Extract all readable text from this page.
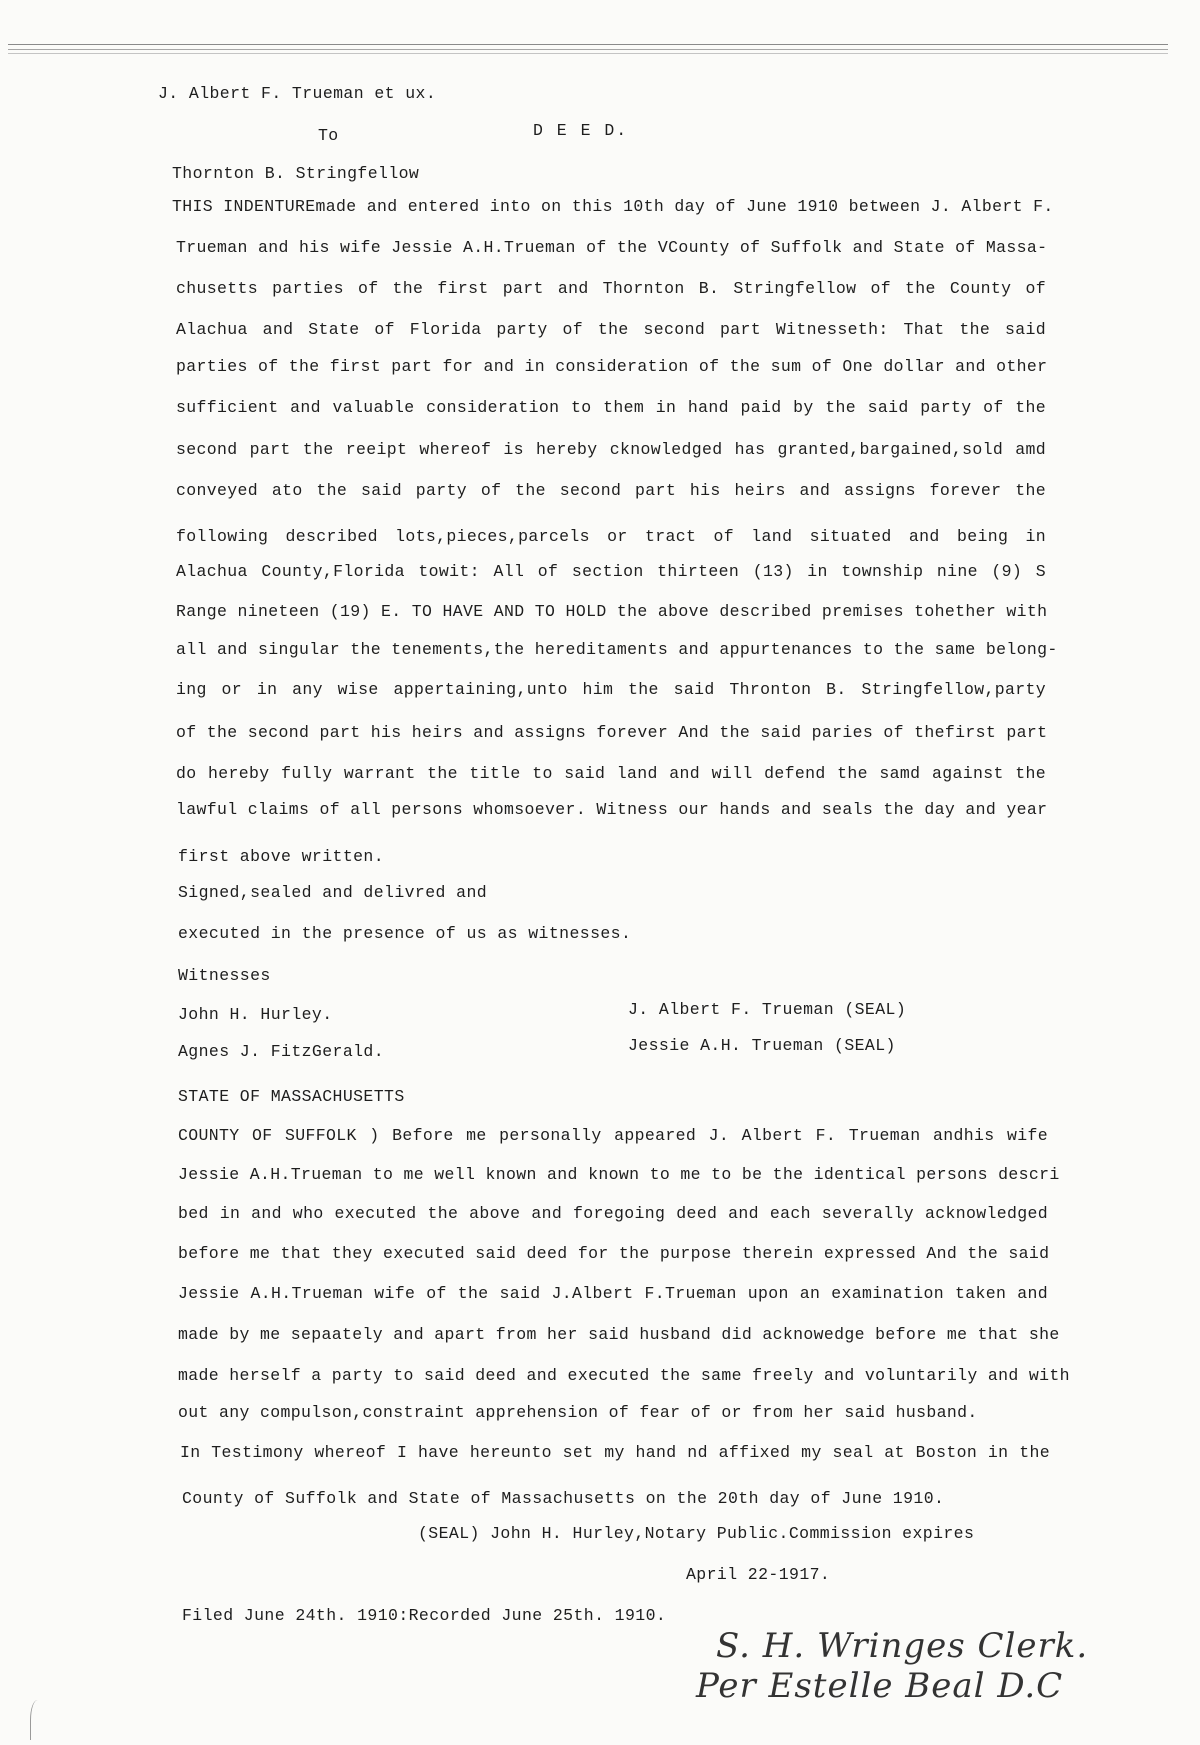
J. Albert F. Trueman et ux.
To	D E E D.
Thornton B. Stringfellow
THIS INDENTUREmade and entered into on this 10th day of June 1910 between J. Albert F.
Trueman and his wife Jessie A.H.Trueman of the VCounty of Suffolk and State of Massa-
chusetts parties of the first part and Thornton B. Stringfellow of the County of
Alachua and State of Florida party of the second part Witnesseth: That the said
parties of the first part for and in consideration of the sum of One dollar and other
sufficient and valuable consideration to them in hand paid by the said party of the
second part the reeipt whereof is hereby cknowledged has granted,bargained,sold amd
conveyed ato the said party of the second part his heirs and assigns forever the
following described lots,pieces,parcels or tract of land situated and being in
Alachua County,Florida towit: All of section thirteen (13) in township nine (9) S
Range nineteen (19) E. TO HAVE AND TO HOLD the above described premises tohether with
all and singular the tenements,the hereditaments and appurtenances to the same belong-
ing or in any wise appertaining,unto him the said Thronton B. Stringfellow,party
of the second part his heirs and assigns forever And the said paries of thefirst part
do hereby fully warrant the title to said land and will defend the samd against the
lawful claims of all persons whomsoever. Witness our hands and seals the day and year
first above written.
Signed,sealed and delivred and
executed in the presence of us as witnesses.
Witnesses
John H. Hurley.
Agnes J. FitzGerald.
J. Albert F. Trueman (SEAL)
Jessie A.H. Trueman (SEAL)
STATE OF MASSACHUSETTS
COUNTY OF SUFFOLK ) Before me personally appeared J. Albert F. Trueman andhis wife
Jessie A.H.Trueman to me well known and known to me to be the identical persons descri
bed in and who executed the above and foregoing deed and each severally acknowledged
before me that they executed said deed for the purpose therein expressed And the said
Jessie A.H.Trueman wife of the said J.Albert F.Trueman upon an examination taken and
made by me sepaately and apart from her said husband did acknowedge before me that she
made herself a party to said deed and executed the same freely and voluntarily and with
out any compulson,constraint apprehension of fear of or from her said husband.
In Testimony whereof I have hereunto set my hand nd affixed my seal at Boston in the
County of Suffolk and State of Massachusetts on the 20th day of June 1910.
(SEAL) John H. Hurley,Notary Public.Commission expires
April 22-1917.
Filed June 24th. 1910:Recorded June 25th. 1910.
S. H. Wringes Clerk.
Per Estelle Beal D.C
